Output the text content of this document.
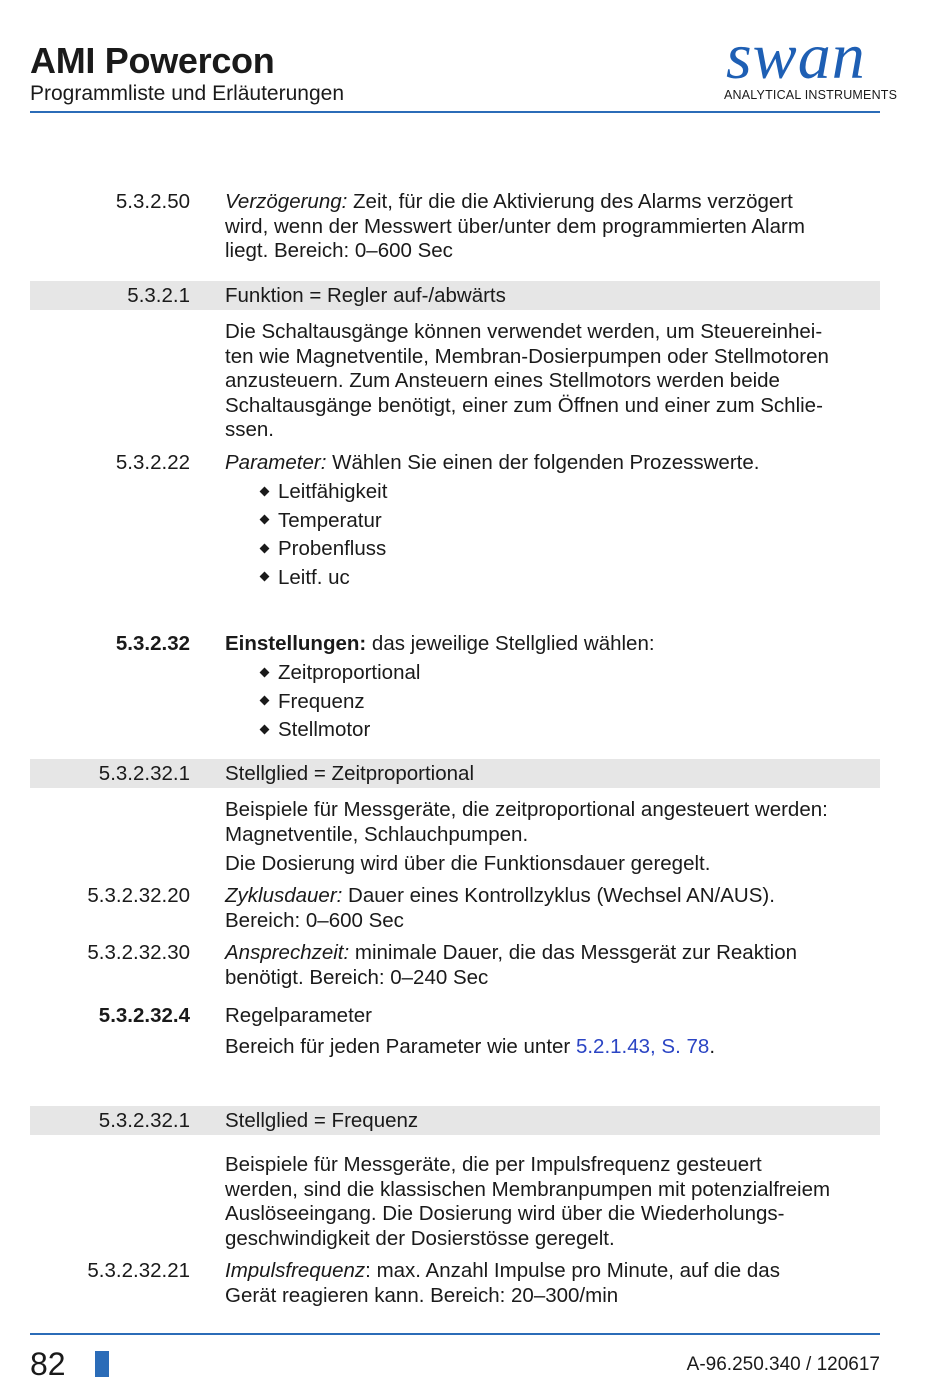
AMI Powercon
Programmliste und Erläuterungen
swan
ANALYTICAL INSTRUMENTS
5.3.2.50 Verzögerung: Zeit, für die die Aktivierung des Alarms verzögert
wird, wenn der Messwert über/unter dem programmierten Alarm
liegt. Bereich: 0–600 Sec
5.3.2.1 Funktion = Regler auf-/abwärts
Die Schaltausgänge können verwendet werden, um Steuereinhei-
ten wie Magnetventile, Membran-Dosierpumpen oder Stellmotoren
anzusteuern. Zum Ansteuern eines Stellmotors werden beide
Schaltausgänge benötigt, einer zum Öffnen und einer zum Schlie-
ssen.
5.3.2.22 Parameter: Wählen Sie einen der folgenden Prozesswerte.
Leitfähigkeit
Temperatur
Probenfluss
Leitf. uc
5.3.2.32 Einstellungen: das jeweilige Stellglied wählen:
Zeitproportional
Frequenz
Stellmotor
5.3.2.32.1 Stellglied = Zeitproportional
Beispiele für Messgeräte, die zeitproportional angesteuert werden:
Magnetventile, Schlauchpumpen.
Die Dosierung wird über die Funktionsdauer geregelt.
5.3.2.32.20 Zyklusdauer: Dauer eines Kontrollzyklus (Wechsel AN/AUS).
Bereich: 0–600 Sec
5.3.2.32.30 Ansprechzeit: minimale Dauer, die das Messgerät zur Reaktion
benötigt. Bereich: 0–240 Sec
5.3.2.32.4 Regelparameter
Bereich für jeden Parameter wie unter 5.2.1.43, S. 78.
5.3.2.32.1 Stellglied = Frequenz
Beispiele für Messgeräte, die per Impulsfrequenz gesteuert
werden, sind die klassischen Membranpumpen mit potenzialfreiem
Auslöseeingang. Die Dosierung wird über die Wiederholungs-
geschwindigkeit der Dosierstösse geregelt.
5.3.2.32.21 Impulsfrequenz: max. Anzahl Impulse pro Minute, auf die das
Gerät reagieren kann. Bereich: 20–300/min
82	A-96.250.340 / 120617
